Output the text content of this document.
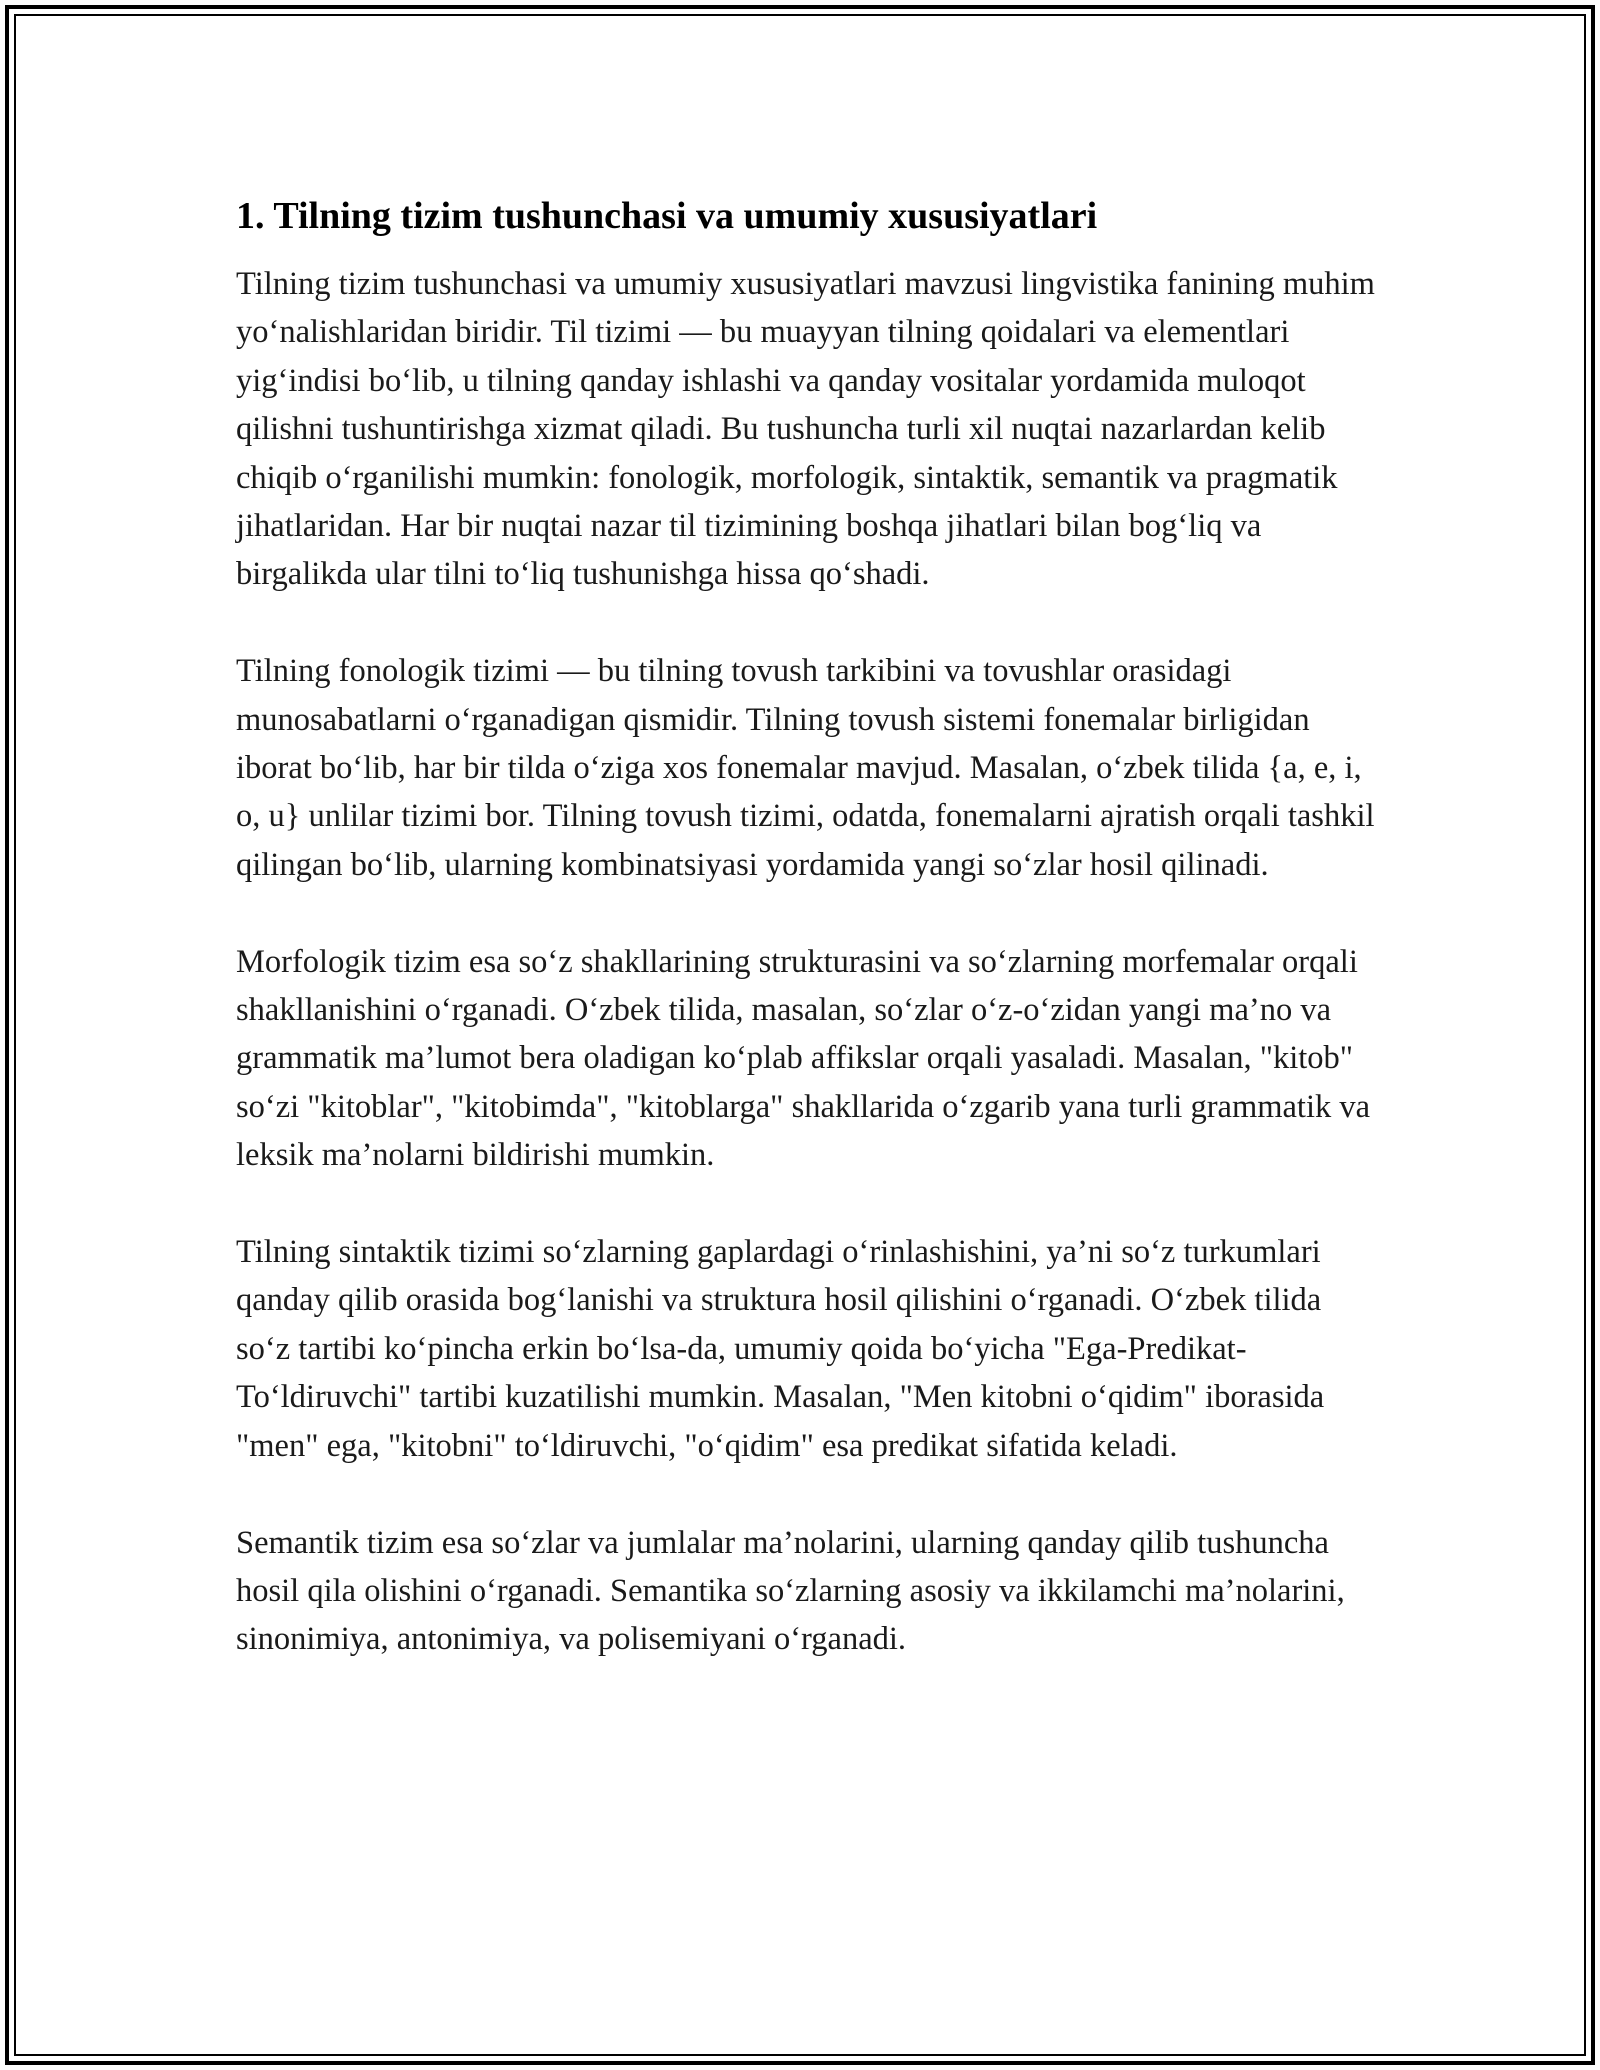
1. Tilning tizim tushunchasi va umumiy xususiyatlari

Tilning tizim tushunchasi va umumiy xususiyatlari mavzusi lingvistika fanining muhim yo‘nalishlaridan biridir. Til tizimi — bu muayyan tilning qoidalari va elementlari yig‘indisi bo‘lib, u tilning qanday ishlashi va qanday vositalar yordamida muloqot qilishni tushuntirishga xizmat qiladi. Bu tushuncha turli xil nuqtai nazarlardan kelib chiqib o‘rganilishi mumkin: fonologik, morfologik, sintaktik, semantik va pragmatik jihatlaridan. Har bir nuqtai nazar til tizimining boshqa jihatlari bilan bog‘liq va birgalikda ular tilni to‘liq tushunishga hissa qo‘shadi.

Tilning fonologik tizimi — bu tilning tovush tarkibini va tovushlar orasidagi munosabatlarni o‘rganadigan qismidir. Tilning tovush sistemi fonemalar birligidan iborat bo‘lib, har bir tilda o‘ziga xos fonemalar mavjud. Masalan, o‘zbek tilida {a, e, i, o, u} unlilar tizimi bor. Tilning tovush tizimi, odatda, fonemalarni ajratish orqali tashkil qilingan bo‘lib, ularning kombinatsiyasi yordamida yangi so‘zlar hosil qilinadi.

Morfologik tizim esa so‘z shakllarining strukturasini va so‘zlarning morfemalar orqali shakllanishini o‘rganadi. O‘zbek tilida, masalan, so‘zlar o‘z-o‘zidan yangi ma’no va grammatik ma’lumot bera oladigan ko‘plab affikslar orqali yasaladi. Masalan, "kitob" so‘zi "kitoblar", "kitobimda", "kitoblarga" shakllarida o‘zgarib yana turli grammatik va leksik ma’nolarni bildirishi mumkin.

Tilning sintaktik tizimi so‘zlarning gaplardagi o‘rinlashishini, ya’ni so‘z turkumlari qanday qilib orasida bog‘lanishi va struktura hosil qilishini o‘rganadi. O‘zbek tilida so‘z tartibi ko‘pincha erkin bo‘lsa-da, umumiy qoida bo‘yicha "Ega-Predikat-To‘ldiruvchi" tartibi kuzatilishi mumkin. Masalan, "Men kitobni o‘qidim" iborasida "men" ega, "kitobni" to‘ldiruvchi, "o‘qidim" esa predikat sifatida keladi.

Semantik tizim esa so‘zlar va jumlalar ma’nolarini, ularning qanday qilib tushuncha hosil qila olishini o‘rganadi. Semantika so‘zlarning asosiy va ikkilamchi ma’nolarini, sinonimiya, antonimiya, va polisemiyani o‘rganadi.
